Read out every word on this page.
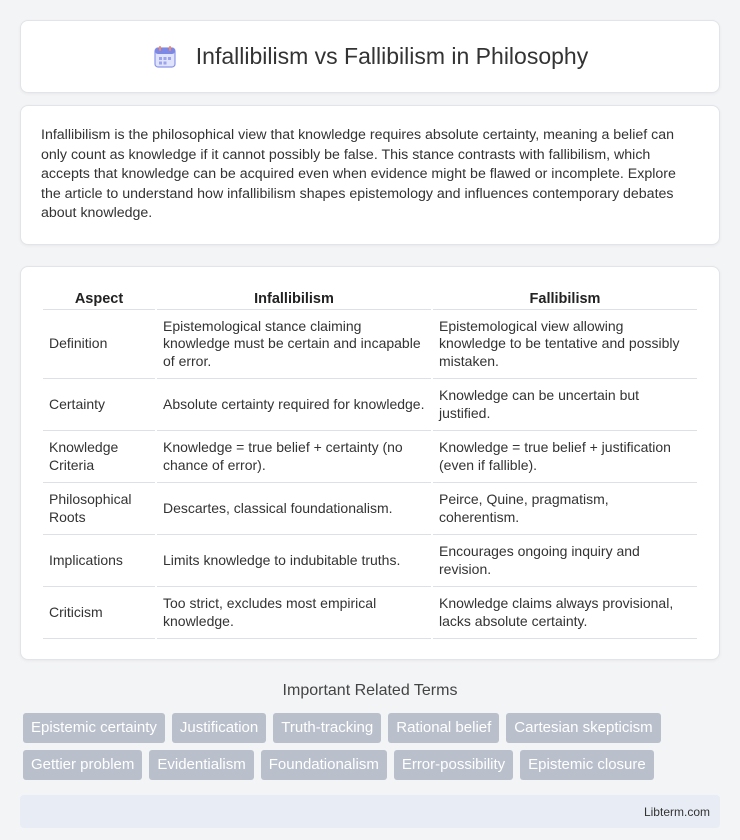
Infallibilism vs Fallibilism in Philosophy

Infallibilism is the philosophical view that knowledge requires absolute certainty, meaning a belief can only count as knowledge if it cannot possibly be false. This stance contrasts with fallibilism, which accepts that knowledge can be acquired even when evidence might be flawed or incomplete. Explore the article to understand how infallibilism shapes epistemology and influences contemporary debates about knowledge.

Aspect	Infallibilism	Fallibilism
Definition	Epistemological stance claiming knowledge must be certain and incapable of error.	Epistemological view allowing knowledge to be tentative and possibly mistaken.
Certainty	Absolute certainty required for knowledge.	Knowledge can be uncertain but justified.
Knowledge Criteria	Knowledge = true belief + certainty (no chance of error).	Knowledge = true belief + justification (even if fallible).
Philosophical Roots	Descartes, classical foundationalism.	Peirce, Quine, pragmatism, coherentism.
Implications	Limits knowledge to indubitable truths.	Encourages ongoing inquiry and revision.
Criticism	Too strict, excludes most empirical knowledge.	Knowledge claims always provisional, lacks absolute certainty.
Important Related Terms
Epistemic certainty	Justification	Truth-tracking	Rational belief	Cartesian skepticism
Gettier problem	Evidentialism	Foundationalism	Error-possibility	Epistemic closure
Libterm.com
